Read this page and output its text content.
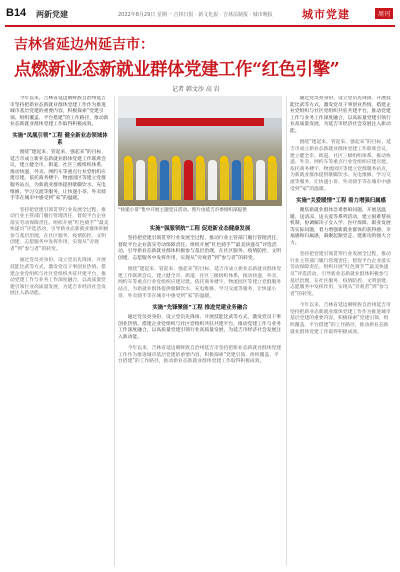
B14 两新党建	2022年8月29日 星期一 吉林日报 · 新文化报 · 吉林法制报 · 城市晚报	城市党建	周刊
吉林省延边州延吉市：
点燃新业态新就业群体党建工作“红色引擎”
记者 韩文沙 高 岩

今年以来，吉林省延边朝鲜族自治州延吉市坚持把新业态新就业群体党建工作作为推进城市基层党建的重要内容，积极探索“党建引领、组织覆盖、平台搭建”的工作路径，推动新业态新就业群体党建工作取得积极成效。

实施“凤凰引领”工程 健全新业态领域体系

围绕“建起来、管起来、强起来”的目标，延吉市成立新业态新就业群体党建工作联席会议，建立健全市、街道、社区三级组织体系，推动快递、外卖、网约车等重点行业党组织应建尽建。依托商务楼宇、物流园区等建立党群服务站点，为新就业群体提供歇脚饮水、充电维修、学习交流等服务，让快递小哥、外卖骑手等在城市中感受到“家”的温暖。

坚持把党建引领贯穿行业发展全过程，推动行业主管部门履行管理责任，督促平台企业落实劳动保障责任。组织开展“红色骑手”“最美快递员”评选活动，引导新业态新就业群体积极参与基层治理，在社区服务、疫情防控、文明创建、志愿服务中发挥作用，实现从“旁观者”到“参与者”的转变。

通过党员亮身份、设立党员先锋岗、开展技能比武等方式，激发党员干事创业热情。搭建企业党组织与社区党组织共驻共建平台，推动党建工作与业务工作深度融合，以高质量党建引领行业高质量发展，为延吉市经济社会发展注入新动能。

“快递小哥”集中开展主题党日活动。照片由延吉市委组织部提供
实施“强服领航”工程 促进新业态健康发展

坚持把党建引领贯穿行业发展全过程，推动行业主管部门履行管理责任，督促平台企业落实劳动保障责任。组织开展“红色骑手”“最美快递员”评选活动，引导新业态新就业群体积极参与基层治理，在社区服务、疫情防控、文明创建、志愿服务中发挥作用，实现从“旁观者”到“参与者”的转变。

围绕“建起来、管起来、强起来”的目标，延吉市成立新业态新就业群体党建工作联席会议，建立健全市、街道、社区三级组织体系，推动快递、外卖、网约车等重点行业党组织应建尽建。依托商务楼宇、物流园区等建立党群服务站点，为新就业群体提供歇脚饮水、充电维修、学习交流等服务，让快递小哥、外卖骑手等在城市中感受到“家”的温暖。

实施“先锋聚能”工程 推进党建业务融合

通过党员亮身份、设立党员先锋岗、开展技能比武等方式，激发党员干事创业热情。搭建企业党组织与社区党组织共驻共建平台，推动党建工作与业务工作深度融合，以高质量党建引领行业高质量发展，为延吉市经济社会发展注入新动能。

今年以来，吉林省延边朝鲜族自治州延吉市坚持把新业态新就业群体党建工作作为推进城市基层党建的重要内容，积极探索“党建引领、组织覆盖、平台搭建”的工作路径，推动新业态新就业群体党建工作取得积极成效。

通过党员亮身份、设立党员先锋岗、开展技能比武等方式，激发党员干事创业热情。搭建企业党组织与社区党组织共驻共建平台，推动党建工作与业务工作深度融合，以高质量党建引领行业高质量发展，为延吉市经济社会发展注入新动能。

围绕“建起来、管起来、强起来”的目标，延吉市成立新业态新就业群体党建工作联席会议，建立健全市、街道、社区三级组织体系，推动快递、外卖、网约车等重点行业党组织应建尽建。依托商务楼宇、物流园区等建立党群服务站点，为新就业群体提供歇脚饮水、充电维修、学习交流等服务，让快递小哥、外卖骑手等在城市中感受到“家”的温暖。

实施“关爱暖情”工程 着力增强归属感

聚焦新就业群体急难愁盼问题，开展送温暖、送清凉、送关爱等系列活动，建立困难帮扶机制，协调解决子女入学、医疗保障、职业发展等实际问题，着力增强新就业群体的获得感、幸福感和归属感，凝聚起跟党走、建新功的强大合力。

坚持把党建引领贯穿行业发展全过程，推动行业主管部门履行管理责任，督促平台企业落实劳动保障责任。组织开展“红色骑手”“最美快递员”评选活动，引导新业态新就业群体积极参与基层治理，在社区服务、疫情防控、文明创建、志愿服务中发挥作用，实现从“旁观者”到“参与者”的转变。

今年以来，吉林省延边朝鲜族自治州延吉市坚持把新业态新就业群体党建工作作为推进城市基层党建的重要内容，积极探索“党建引领、组织覆盖、平台搭建”的工作路径，推动新业态新就业群体党建工作取得积极成效。
